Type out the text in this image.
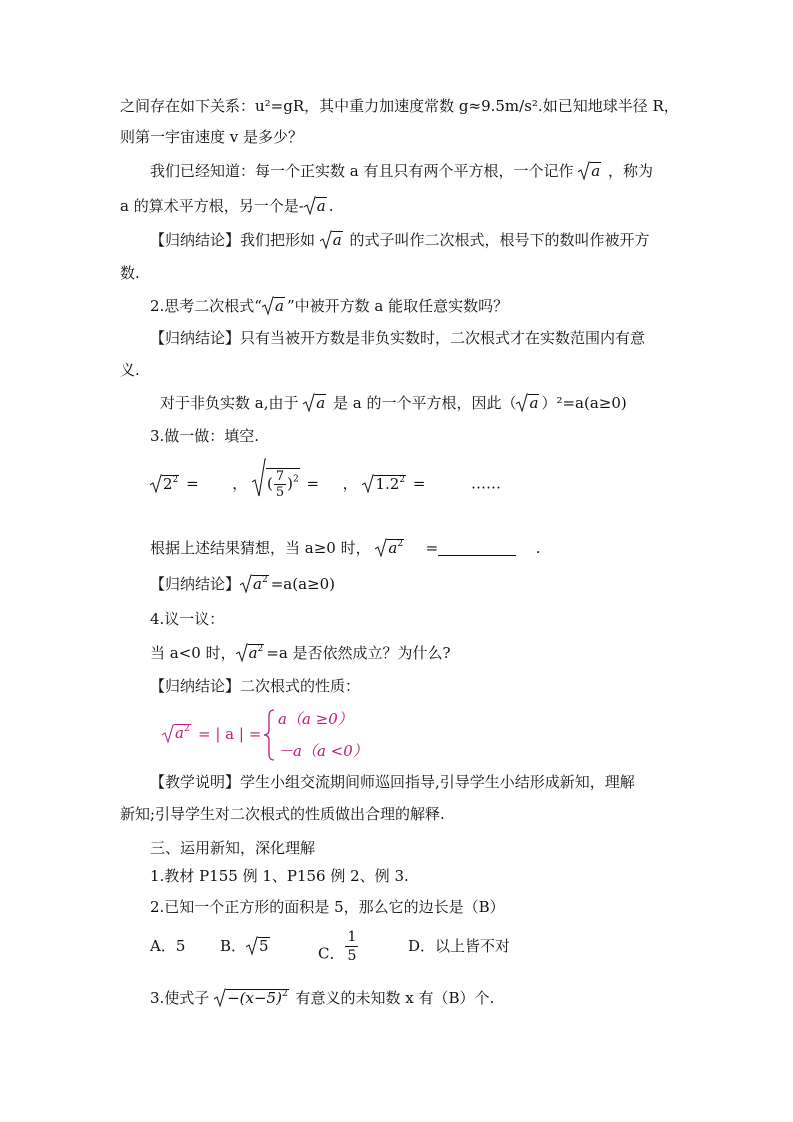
之间存在如下关系：u²=gR，其中重力加速度常数 g≈9.5m/s².如已知地球半径 R，
则第一宇宙速度 v 是多少？
我们已经知道：每一个正实数 a 有且只有两个平方根，一个记作 a ，称为
a 的算术平方根，另一个是- a .
【归纳结论】我们把形如 a 的式子叫作二次根式，根号下的数叫作被开方
数.
2.思考二次根式“ a ”中被开方数 a 能取任意实数吗？
【归纳结论】只有当被开方数是非负实数时，二次根式才在实数范围内有意
义.
对于非负实数 a,由于 a 是 a 的一个平方根，因此（ a ）²=a(a≥0)
3.做一做：填空.
$2^2$ = ， ( $\frac{7}{5} )^2$ = ， $1.2^2$ =	……
根据上述结果猜想，当 a≥0 时， $a^2$ =	.
【归纳结论】 $a^2 =a(a\ge 0)$
4.议一议：
当 a<0 时， $a^2 =a$ 是否依然成立？为什么?
【归纳结论】二次根式的性质：
$a^2$ = | a | =
a（a ≥0）
－a（a <0）
【教学说明】学生小组交流期间师巡回指导,引导学生小结形成新知，理解
新知;引导学生对二次根式的性质做出合理的解释.
三、运用新知，深化理解
1.教材 P155 例 1、P156 例 2、例 3.
2.已知一个正方形的面积是 5，那么它的边长是（B）
A．5 B． 5	C． $\frac{1}{5}$	D．以上皆不对
3.使式子 $-(x-5)^2$ 有意义的未知数 x 有（B）个.
